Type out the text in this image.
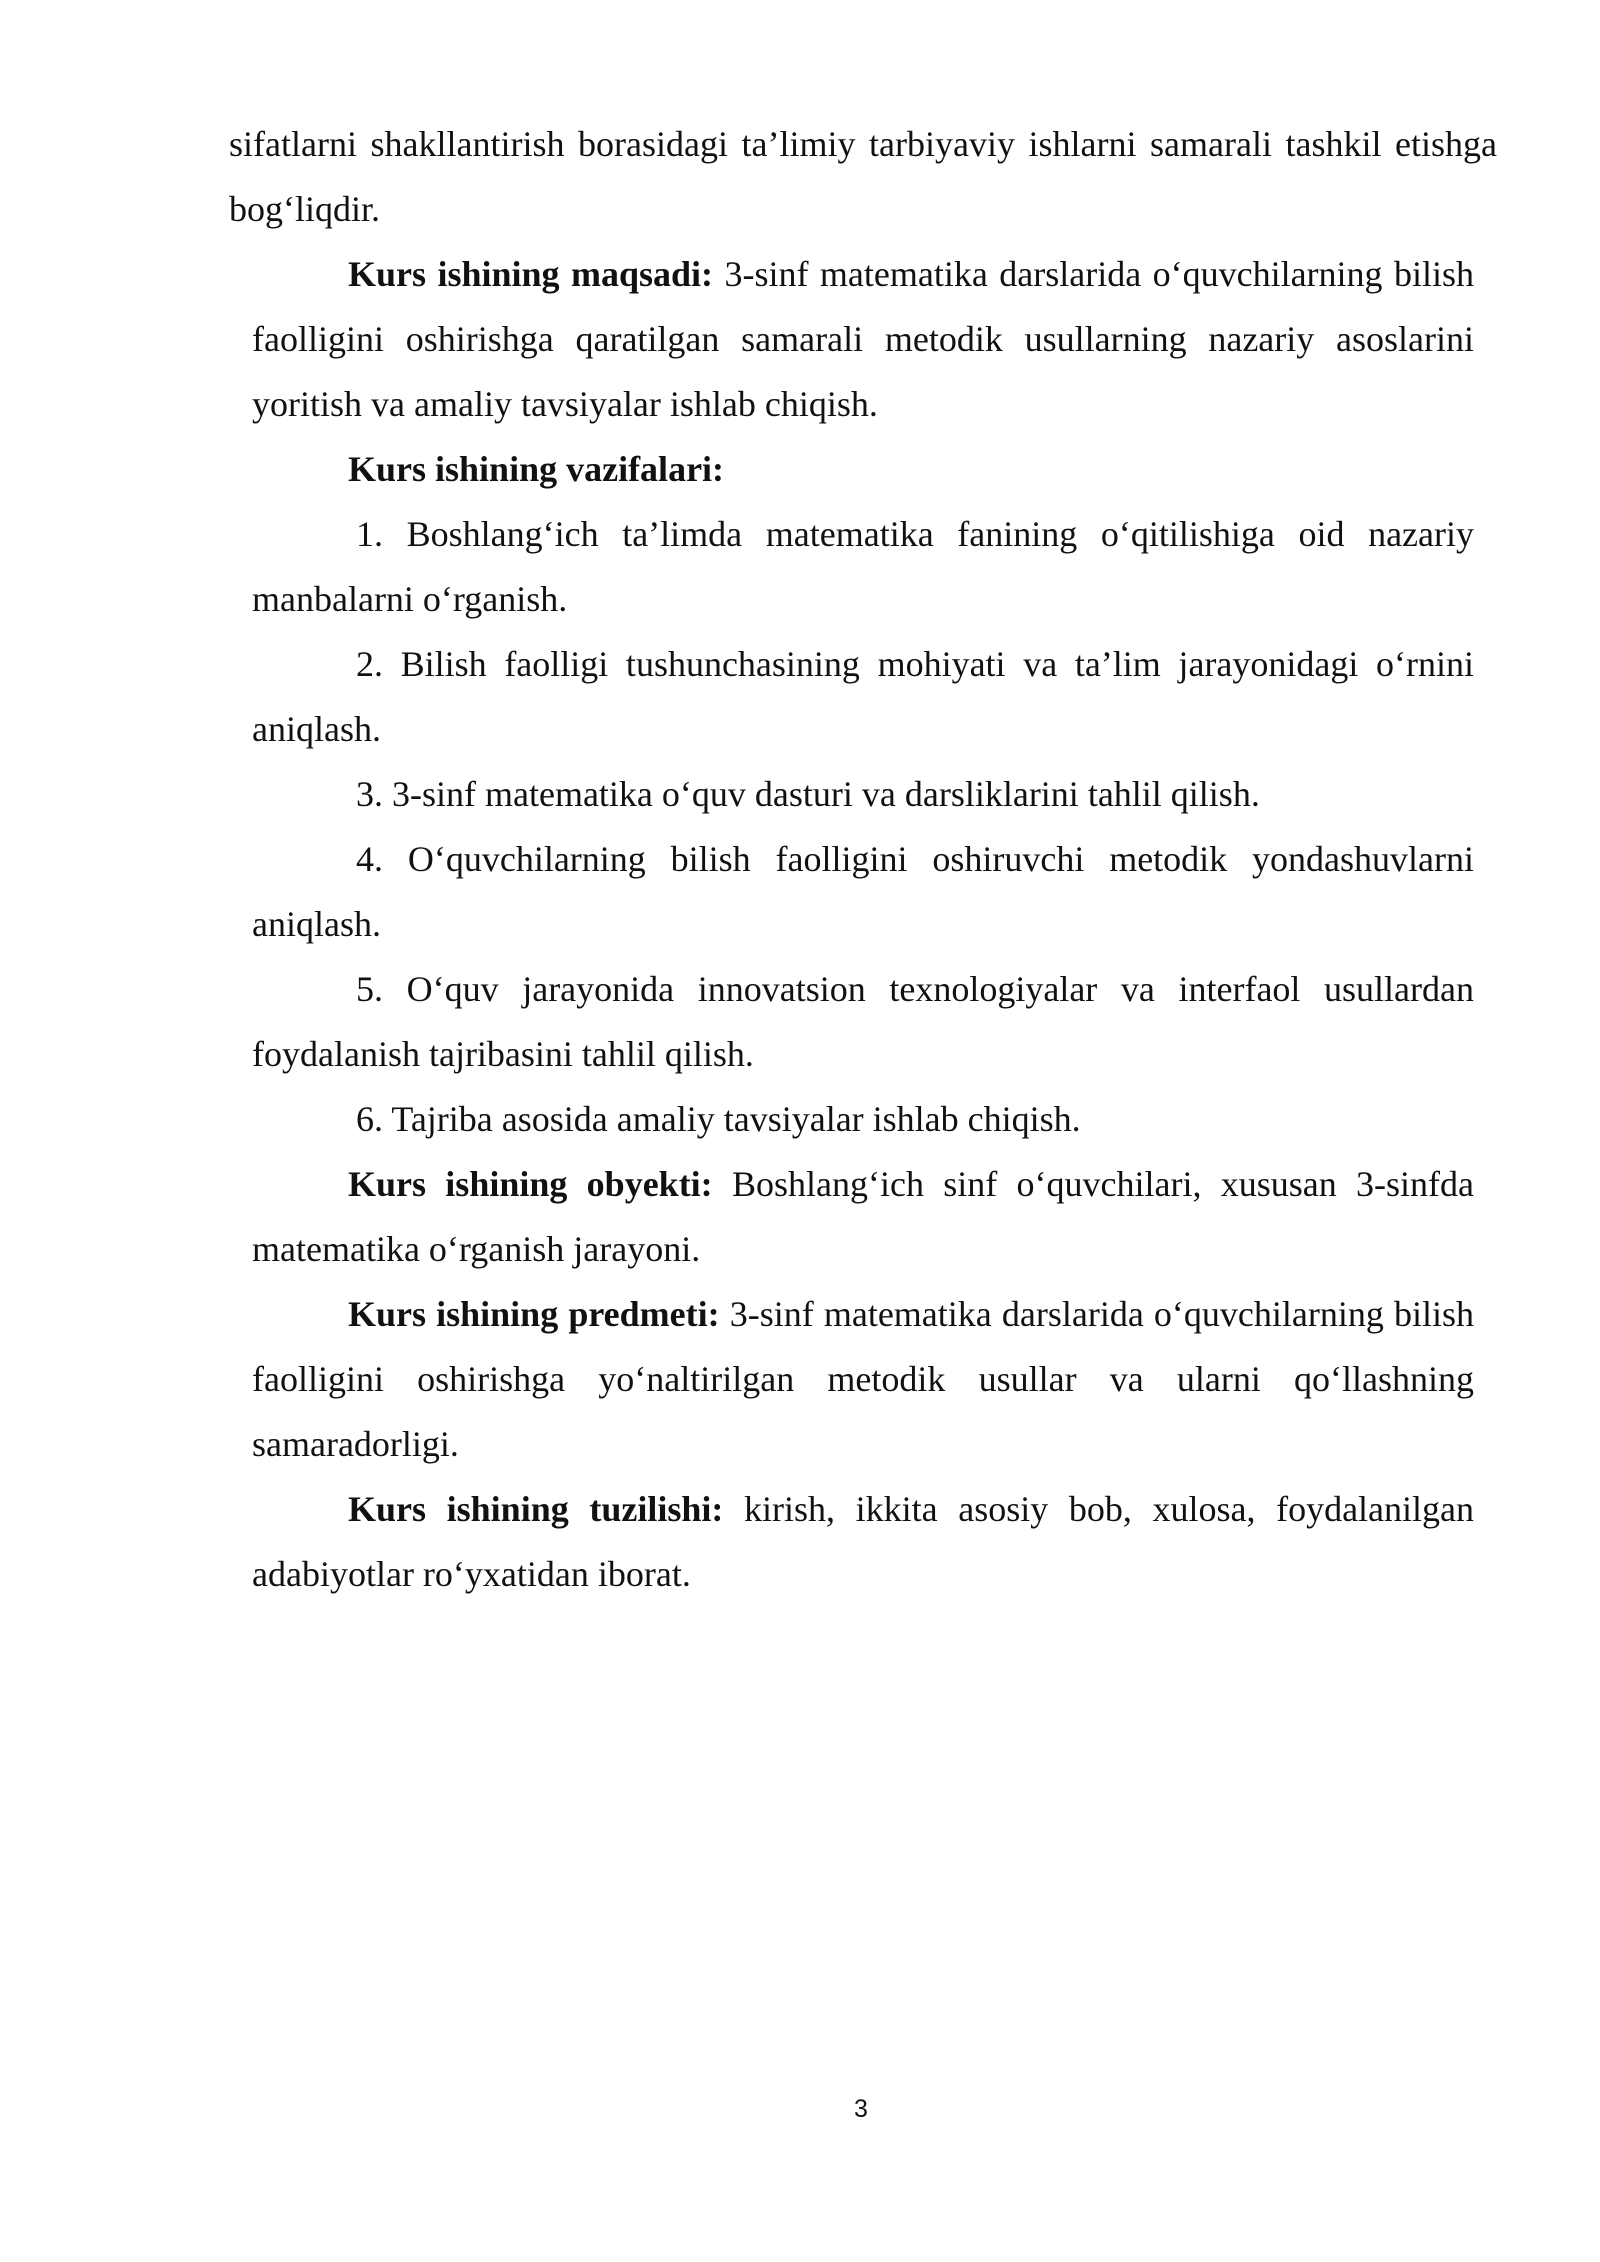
sifatlarni shakllantirish borasidagi ta’limiy tarbiyaviy ishlarni samarali tashkil etishga bog‘liqdir.

Kurs ishining maqsadi: 3-sinf matematika darslarida o‘quvchilarning bilish faolligini oshirishga qaratilgan samarali metodik usullarning nazariy asoslarini yoritish va amaliy tavsiyalar ishlab chiqish.

Kurs ishining vazifalari:

1. Boshlang‘ich ta’limda matematika fanining o‘qitilishiga oid nazariy manbalarni o‘rganish.

2. Bilish faolligi tushunchasining mohiyati va ta’lim jarayonidagi o‘rnini aniqlash.

3. 3-sinf matematika o‘quv dasturi va darsliklarini tahlil qilish.

4. O‘quvchilarning bilish faolligini oshiruvchi metodik yondashuvlarni aniqlash.

5. O‘quv jarayonida innovatsion texnologiyalar va interfaol usullardan foydalanish tajribasini tahlil qilish.

6. Tajriba asosida amaliy tavsiyalar ishlab chiqish.

Kurs ishining obyekti: Boshlang‘ich sinf o‘quvchilari, xususan 3-sinfda matematika o‘rganish jarayoni.

Kurs ishining predmeti: 3-sinf matematika darslarida o‘quvchilarning bilish faolligini oshirishga yo‘naltirilgan metodik usullar va ularni qo‘llashning samaradorligi.

Kurs ishining tuzilishi: kirish, ikkita asosiy bob, xulosa, foydalanilgan adabiyotlar ro‘yxatidan iborat.

3
